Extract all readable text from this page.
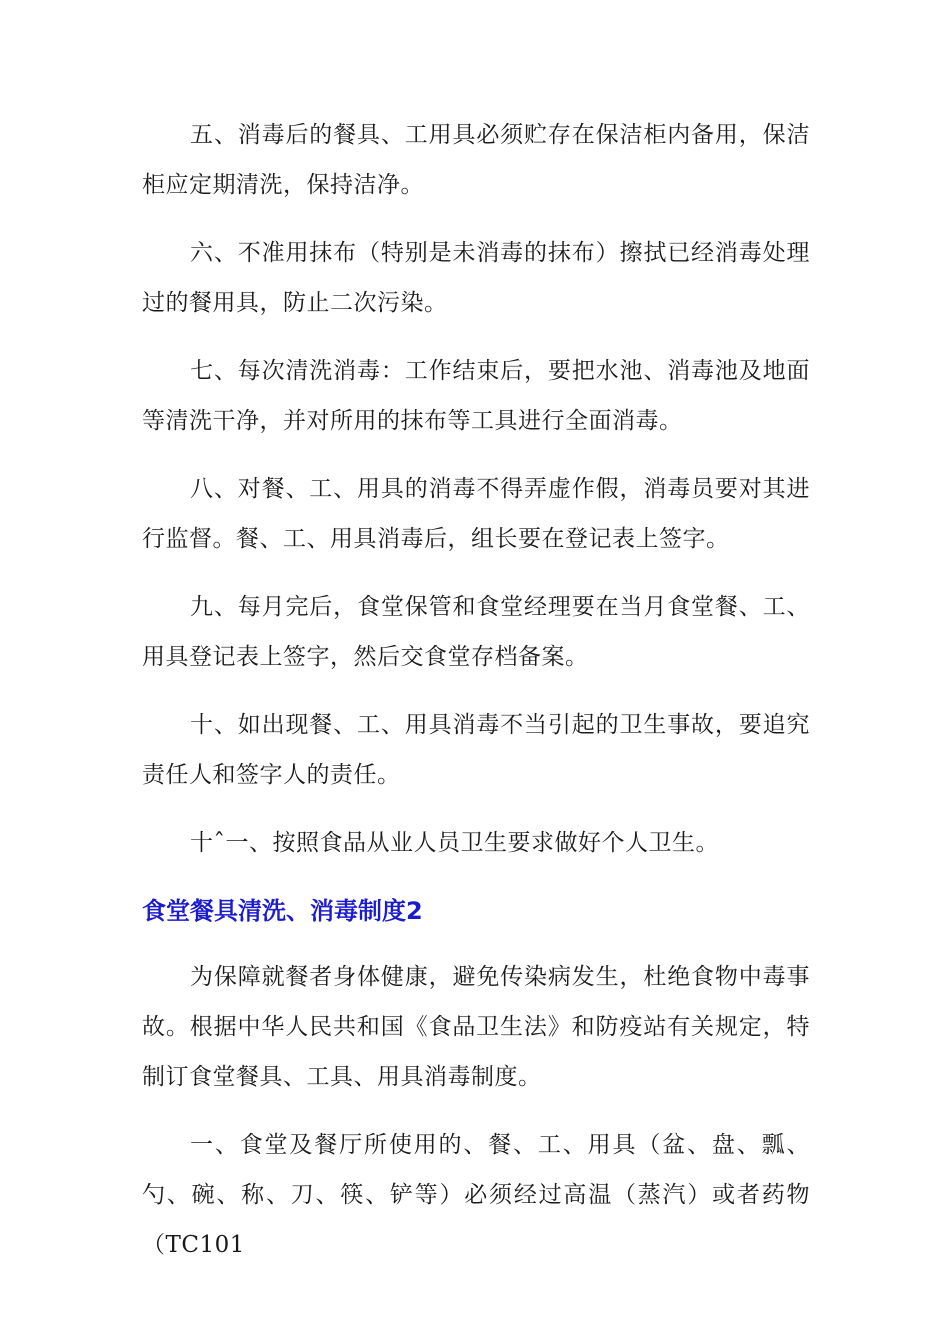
五、消毒后的餐具、工用具必须贮存在保洁柜内备用，保洁柜应定期清洗，保持洁净。

六、不准用抹布（特别是未消毒的抹布）擦拭已经消毒处理过的餐用具，防止二次污染。

七、每次清洗消毒：工作结束后，要把水池、消毒池及地面等清洗干净，并对所用的抹布等工具进行全面消毒。

八、对餐、工、用具的消毒不得弄虚作假，消毒员要对其进行监督。餐、工、用具消毒后，组长要在登记表上签字。

九、每月完后，食堂保管和食堂经理要在当月食堂餐、工、用具登记表上签字，然后交食堂存档备案。

十、如出现餐、工、用具消毒不当引起的卫生事故，要追究责任人和签字人的责任。

十ˆ一、按照食品从业人员卫生要求做好个人卫生。

食堂餐具清洗、消毒制度2

为保障就餐者身体健康，避免传染病发生，杜绝食物中毒事故。根据中华人民共和国《食品卫生法》和防疫站有关规定，特制订食堂餐具、工具、用具消毒制度。

一、食堂及餐厅所使用的、餐、工、用具（盆、盘、瓢、勺、碗、称、刀、筷、铲等）必须经过高温（蒸汽）或者药物（TC101
